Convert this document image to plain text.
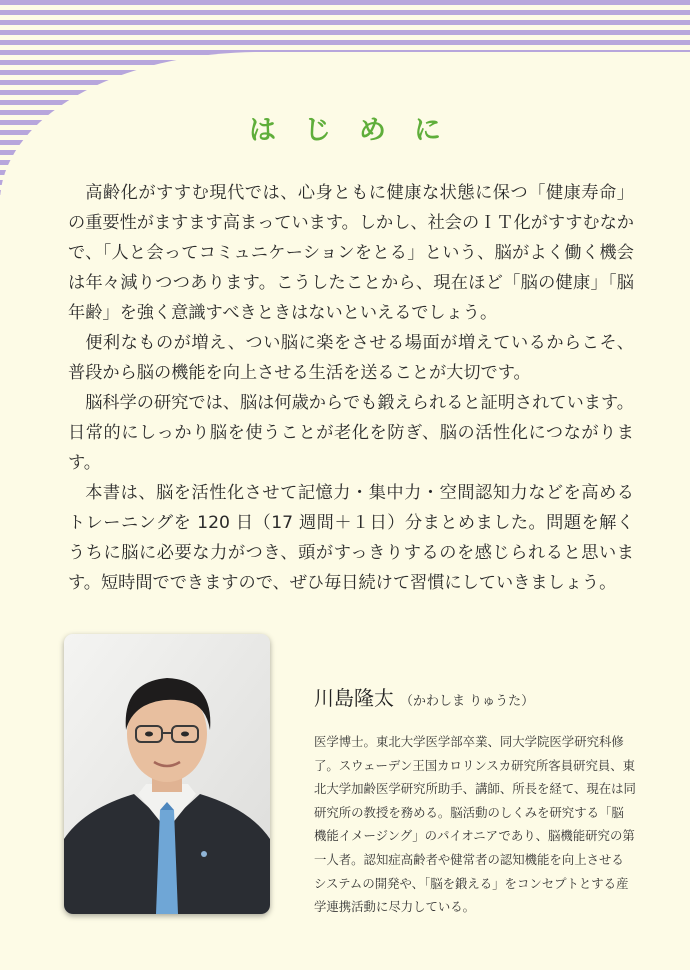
はじめに

高齢化がすすむ現代では、心身ともに健康な状態に保つ「健康寿命」の重要性がますます高まっています。しかし、社会のＩＴ化がすすむなかで、「人と会ってコミュニケーションをとる」という、脳がよく働く機会は年々減りつつあります。こうしたことから、現在ほど「脳の健康」「脳年齢」を強く意識すべきときはないといえるでしょう。

便利なものが増え、つい脳に楽をさせる場面が増えているからこそ、普段から脳の機能を向上させる生活を送ることが大切です。

脳科学の研究では、脳は何歳からでも鍛えられると証明されています。日常的にしっかり脳を使うことが老化を防ぎ、脳の活性化につながります。

本書は、脳を活性化させて記憶力・集中力・空間認知力などを高めるトレーニングを 120 日（17 週間＋１日）分まとめました。問題を解くうちに脳に必要な力がつき、頭がすっきりするのを感じられると思います。短時間でできますので、ぜひ毎日続けて習慣にしていきましょう。

川島隆太 （かわしま りゅうた）

医学博士。東北大学医学部卒業、同大学院医学研究科修了。スウェーデン王国カロリンスカ研究所客員研究員、東北大学加齢医学研究所助手、講師、所長を経て、現在は同研究所の教授を務める。脳活動のしくみを研究する「脳機能イメージング」のパイオニアであり、脳機能研究の第一人者。認知症高齢者や健常者の認知機能を向上させるシステムの開発や、「脳を鍛える」をコンセプトとする産学連携活動に尽力している。
